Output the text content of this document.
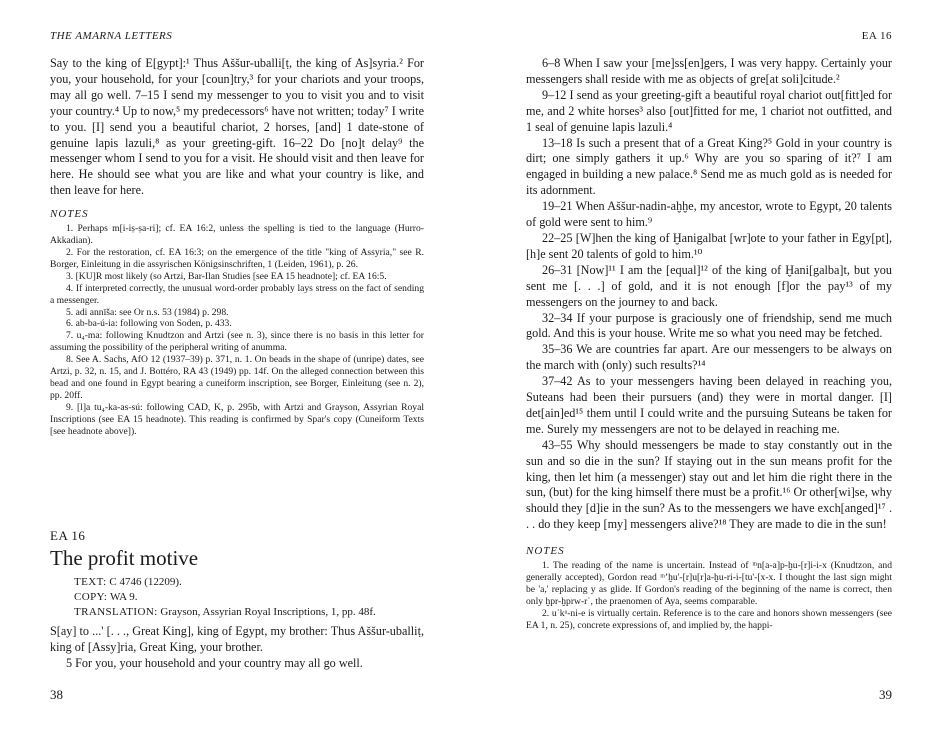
THE AMARNA LETTERS

Say to the king of E[gypt]:¹ Thus Aššur-uballi[ṭ, the king of As]syria.² For you, your household, for your [coun]try,³ for your chariots and your troops, may all go well. 7–15 I send my messenger to you to visit you and to visit your country.⁴ Up to now,⁵ my predecessors⁶ have not written; today⁷ I write to you. [I] send you a beautiful chariot, 2 horses, [and] 1 date-stone of genuine lapis lazuli,⁸ as your greeting-gift. 16–22 Do [no]t delay⁹ the messenger whom I send to you for a visit. He should visit and then leave for here. He should see what you are like and what your country is like, and then leave for here.

NOTES

1. Perhaps m[i-iṣ-ṣa-ri]; cf. EA 16:2, unless the spelling is tied to the language (Hurro-Akkadian).

2. For the restoration, cf. EA 16:3; on the emergence of the title "king of Assyria," see R. Borger, Einleitung in die assyrischen Königsinschriften, 1 (Leiden, 1961), p. 26.

3. [KU]R most likely (so Artzi, Bar-Ilan Studies [see EA 15 headnote]; cf. EA 16:5.

4. If interpreted correctly, the unusual word-order probably lays stress on the fact of sending a messenger.

5. adi annīša: see Or n.s. 53 (1984) p. 298.

6. ab-ba-ú-ia: following von Soden, p. 433.

7. u₄-ma: following Knudtzon and Artzi (see n. 3), since there is no basis in this letter for assuming the possibility of the peripheral writing of anumma.

8. See A. Sachs, AfO 12 (1937–39) p. 371, n. 1. On beads in the shape of (unripe) dates, see Artzi, p. 32, n. 15, and J. Bottéro, RA 43 (1949) pp. 14f. On the alleged connection between this bead and one found in Egypt bearing a cuneiform inscription, see Borger, Einleitung (see n. 2), pp. 20ff.

9. [l]a tu₄-ka-as-sú: following CAD, K, p. 295b, with Artzi and Grayson, Assyrian Royal Inscriptions (see EA 15 headnote). This reading is confirmed by Spar's copy (Cuneiform Texts [see headnote above]).

EA 16
The profit motive
TEXT: C 4746 (12209).
COPY: WA 9.
TRANSLATION: Grayson, Assyrian Royal Inscriptions, 1, pp. 48f.

S[ay] to ...' [. . ., Great King], king of Egypt, my brother: Thus Aššur-uballiṭ, king of [Assy]ria, Great King, your brother.

5 For you, your household and your country may all go well.

38
EA 16

6–8 When I saw your [me]ss[en]gers, I was very happy. Certainly your messengers shall reside with me as objects of gre[at soli]citude.²

9–12 I send as your greeting-gift a beautiful royal chariot out[fitt]ed for me, and 2 white horses³ also [out]fitted for me, 1 chariot not outfitted, and 1 seal of genuine lapis lazuli.⁴

13–18 Is such a present that of a Great King?⁵ Gold in your country is dirt; one simply gathers it up.⁶ Why are you so sparing of it?⁷ I am engaged in building a new palace.⁸ Send me as much gold as is needed for its adornment.

19–21 When Aššur-nadin-aḫḫe, my ancestor, wrote to Egypt, 20 talents of gold were sent to him.⁹

22–25 [W]hen the king of Ḫanigalbat [wr]ote to your father in Egy[pt], [h]e sent 20 talents of gold to him.¹⁰

26–31 [Now]¹¹ I am the [equal]¹² of the king of Ḫani[galba]t, but you sent me [. . .] of gold, and it is not enough [f]or the pay¹³ of my messengers on the journey to and back.

32–34 If your purpose is graciously one of friendship, send me much gold. And this is your house. Write me so what you need may be fetched.

35–36 We are countries far apart. Are our messengers to be always on the march with (only) such results?¹⁴

37–42 As to your messengers having been delayed in reaching you, Suteans had been their pursuers (and) they were in mortal danger. [I] det[ain]ed¹⁵ them until I could write and the pursuing Suteans be taken for me. Surely my messengers are not to be delayed in reaching me.

43–55 Why should messengers be made to stay constantly out in the sun and so die in the sun? If staying out in the sun means profit for the king, then let him (a messenger) stay out and let him die right there in the sun, (but) for the king himself there must be a profit.¹⁶ Or other[wi]se, why should they [d]ie in the sun? As to the messengers we have exch[anged]¹⁷ . . . do they keep [my] messengers alive?¹⁸ They are made to die in the sun!

NOTES

1. The reading of the name is uncertain. Instead of ᵐn[a-a]p-ḫu-[r]i-i-x (Knudtzon, and generally accepted), Gordon read ᵐʼḫu'-[r]u[r]a-ḫu-ri-i-[tu'-[x-x. I thought the last sign might be 'a,' replacing y as glide. If Gordon's reading of the beginning of the name is correct, then only ḫpr-ḫprw-rʿ, the praenomen of Aya, seems comparable.

2. uʾkᵃ-ni-e is virtually certain. Reference is to the care and honors shown messengers (see EA 1, n. 25), concrete expressions of, and implied by, the happi-

39
